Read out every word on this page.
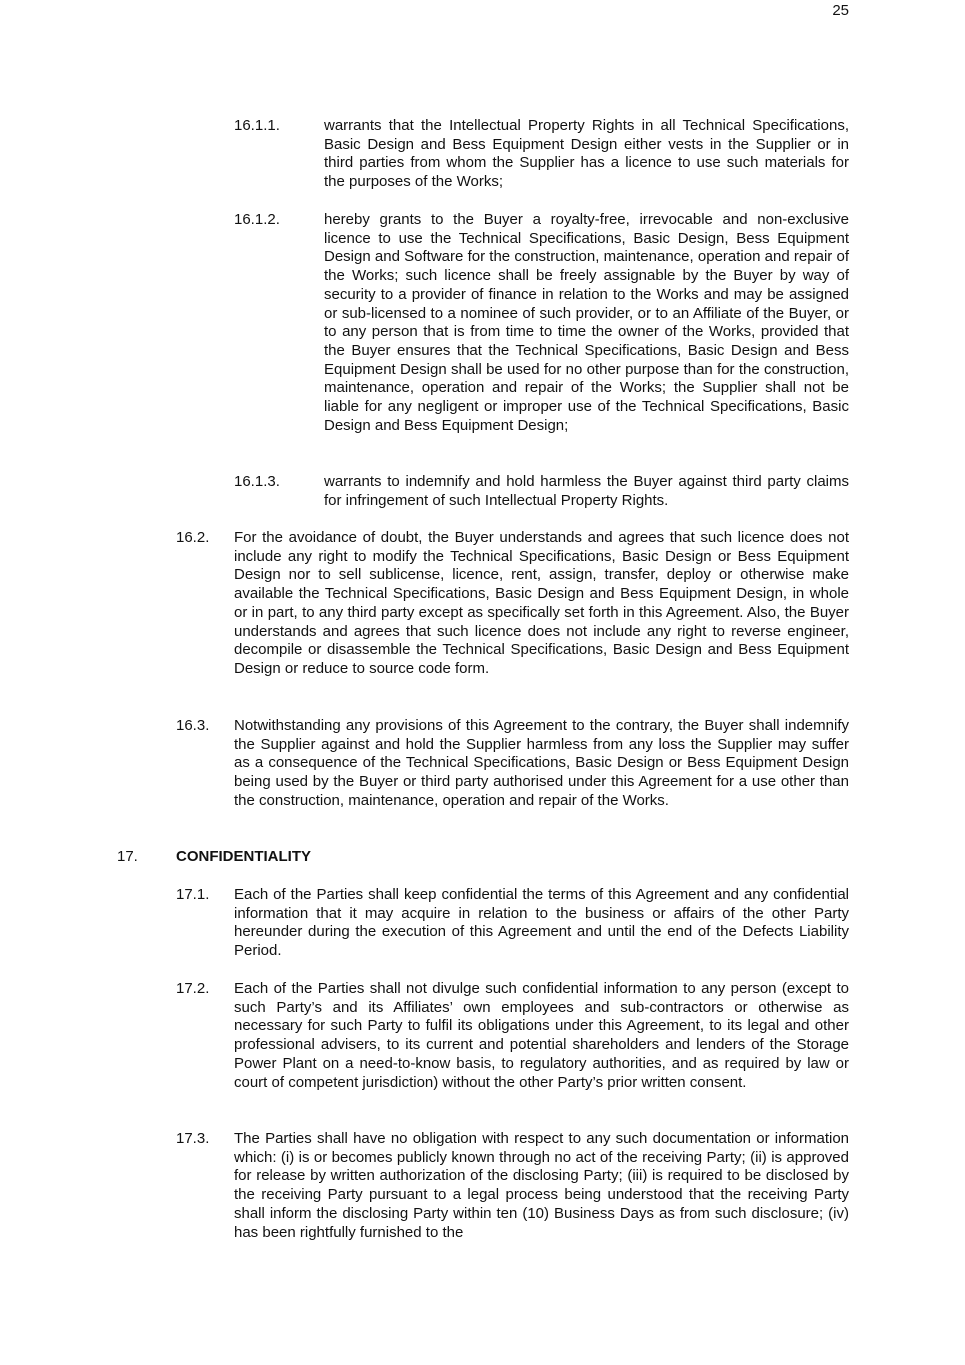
25
16.1.1.	warrants that the Intellectual Property Rights in all Technical Specifications, Basic Design and Bess Equipment Design either vests in the Supplier or in third parties from whom the Supplier has a licence to use such materials for the purposes of the Works;
16.1.2.	hereby grants to the Buyer a royalty-free, irrevocable and non-exclusive licence to use the Technical Specifications, Basic Design, Bess Equipment Design and Software for the construction, maintenance, operation and repair of the Works; such licence shall be freely assignable by the Buyer by way of security to a provider of finance in relation to the Works and may be assigned or sub-licensed to a nominee of such provider, or to an Affiliate of the Buyer, or to any person that is from time to time the owner of the Works, provided that the Buyer ensures that the Technical Specifications, Basic Design and Bess Equipment Design shall be used for no other purpose than for the construction, maintenance, operation and repair of the Works; the Supplier shall not be liable for any negligent or improper use of the Technical Specifications, Basic Design and Bess Equipment Design;
16.1.3.	warrants to indemnify and hold harmless the Buyer against third party claims for infringement of such Intellectual Property Rights.
16.2. For the avoidance of doubt, the Buyer understands and agrees that such licence does not include any right to modify the Technical Specifications, Basic Design or Bess Equipment Design nor to sell sublicense, licence, rent, assign, transfer, deploy or otherwise make available the Technical Specifications, Basic Design and Bess Equipment Design, in whole or in part, to any third party except as specifically set forth in this Agreement. Also, the Buyer understands and agrees that such licence does not include any right to reverse engineer, decompile or disassemble the Technical Specifications, Basic Design and Bess Equipment Design or reduce to source code form.
16.3. Notwithstanding any provisions of this Agreement to the contrary, the Buyer shall indemnify the Supplier against and hold the Supplier harmless from any loss the Supplier may suffer as a consequence of the Technical Specifications, Basic Design or Bess Equipment Design being used by the Buyer or third party authorised under this Agreement for a use other than the construction, maintenance, operation and repair of the Works.
17.	CONFIDENTIALITY
17.1. Each of the Parties shall keep confidential the terms of this Agreement and any confidential information that it may acquire in relation to the business or affairs of the other Party hereunder during the execution of this Agreement and until the end of the Defects Liability Period.
17.2. Each of the Parties shall not divulge such confidential information to any person (except to such Party’s and its Affiliates’ own employees and sub-contractors or otherwise as necessary for such Party to fulfil its obligations under this Agreement, to its legal and other professional advisers, to its current and potential shareholders and lenders of the Storage Power Plant on a need-to-know basis, to regulatory authorities, and as required by law or court of competent jurisdiction) without the other Party’s prior written consent.
17.3. The Parties shall have no obligation with respect to any such documentation or information which: (i) is or becomes publicly known through no act of the receiving Party; (ii) is approved for release by written authorization of the disclosing Party; (iii) is required to be disclosed by the receiving Party pursuant to a legal process being understood that the receiving Party shall inform the disclosing Party within ten (10) Business Days as from such disclosure; (iv) has been rightfully furnished to the
